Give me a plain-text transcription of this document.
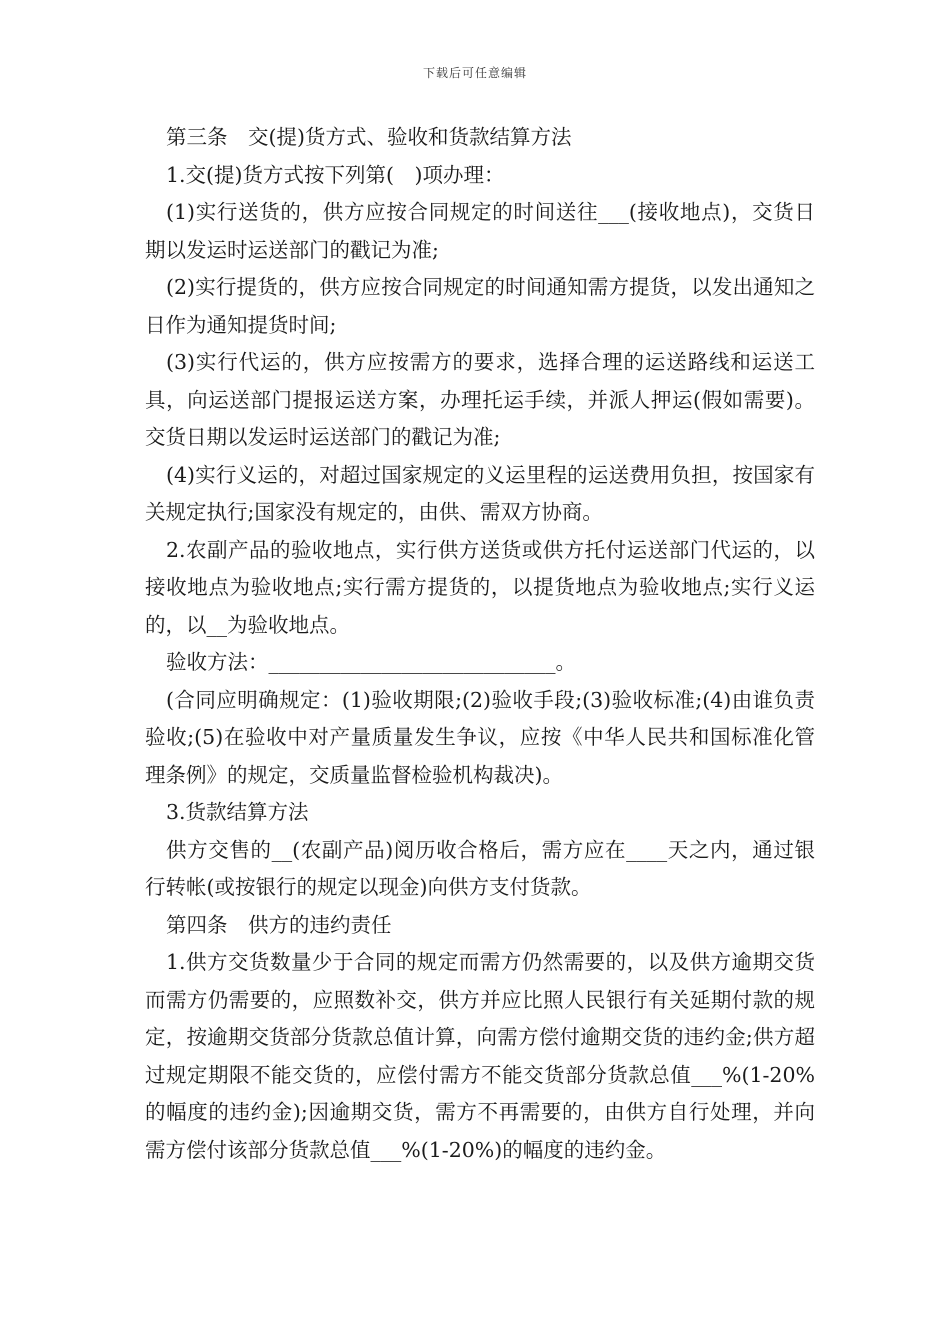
下载后可任意编辑

第三条　交(提)货方式、验收和货款结算方法

1.交(提)货方式按下列第(　)项办理：

(1)实行送货的，供方应按合同规定的时间送往___(接收地点)，交货日期以发运时运送部门的戳记为准;

(2)实行提货的，供方应按合同规定的时间通知需方提货，以发出通知之日作为通知提货时间;

(3)实行代运的，供方应按需方的要求，选择合理的运送路线和运送工具，向运送部门提报运送方案，办理托运手续，并派人押运(假如需要)。交货日期以发运时运送部门的戳记为准;

(4)实行义运的，对超过国家规定的义运里程的运送费用负担，按国家有关规定执行;国家没有规定的，由供、需双方协商。

2.农副产品的验收地点，实行供方送货或供方托付运送部门代运的，以接收地点为验收地点;实行需方提货的，以提货地点为验收地点;实行义运的，以__为验收地点。

验收方法：____________________________。

(合同应明确规定：(1)验收期限;(2)验收手段;(3)验收标准;(4)由谁负责验收;(5)在验收中对产量质量发生争议，应按《中华人民共和国标准化管理条例》的规定，交质量监督检验机构裁决)。

3.货款结算方法

供方交售的__(农副产品)阅历收合格后，需方应在____天之内，通过银行转帐(或按银行的规定以现金)向供方支付货款。

第四条　供方的违约责任

1.供方交货数量少于合同的规定而需方仍然需要的，以及供方逾期交货而需方仍需要的，应照数补交，供方并应比照人民银行有关延期付款的规定，按逾期交货部分货款总值计算，向需方偿付逾期交货的违约金;供方超过规定期限不能交货的，应偿付需方不能交货部分货款总值___%(1-20%的幅度的违约金);因逾期交货，需方不再需要的，由供方自行处理，并向需方偿付该部分货款总值___%(1-20%)的幅度的违约金。
